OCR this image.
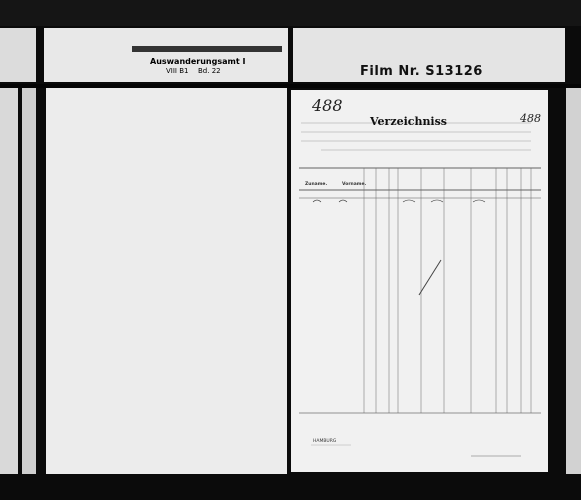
Auswanderungsamt I
VIII B1 Bd. 22	Film Nr. S13126
Verzeichniss
488
488
Zuname.	Vorname.
HAMBURG
